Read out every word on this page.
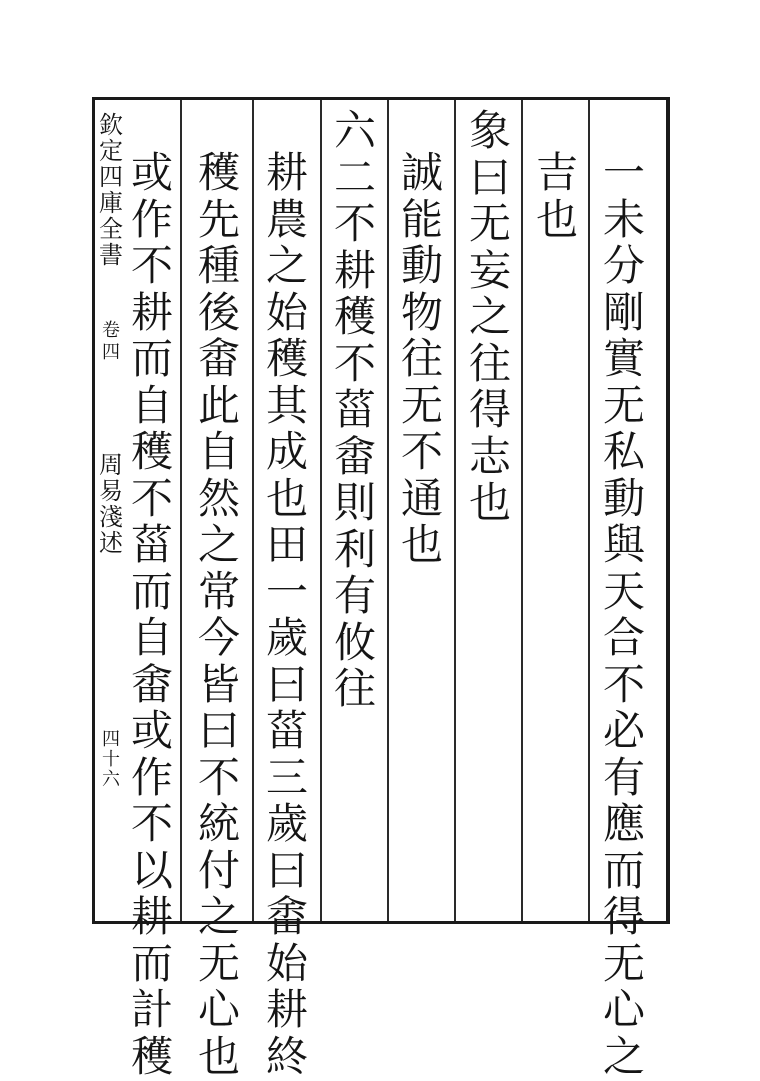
欽定四庫全書
卷四
周易淺述
四十六
一未分剛實无私動與天合不必有應而得无心之
吉也
象曰无妄之往得志也
誠能動物往无不通也
六二不耕穫不菑畬則利有攸往
耕農之始穫其成也田一歲曰菑三歲曰畬始耕終
穫先種後畬此自然之常今皆曰不統付之无心也
或作不耕而自穫不菑而自畬或作不以耕而計穫
